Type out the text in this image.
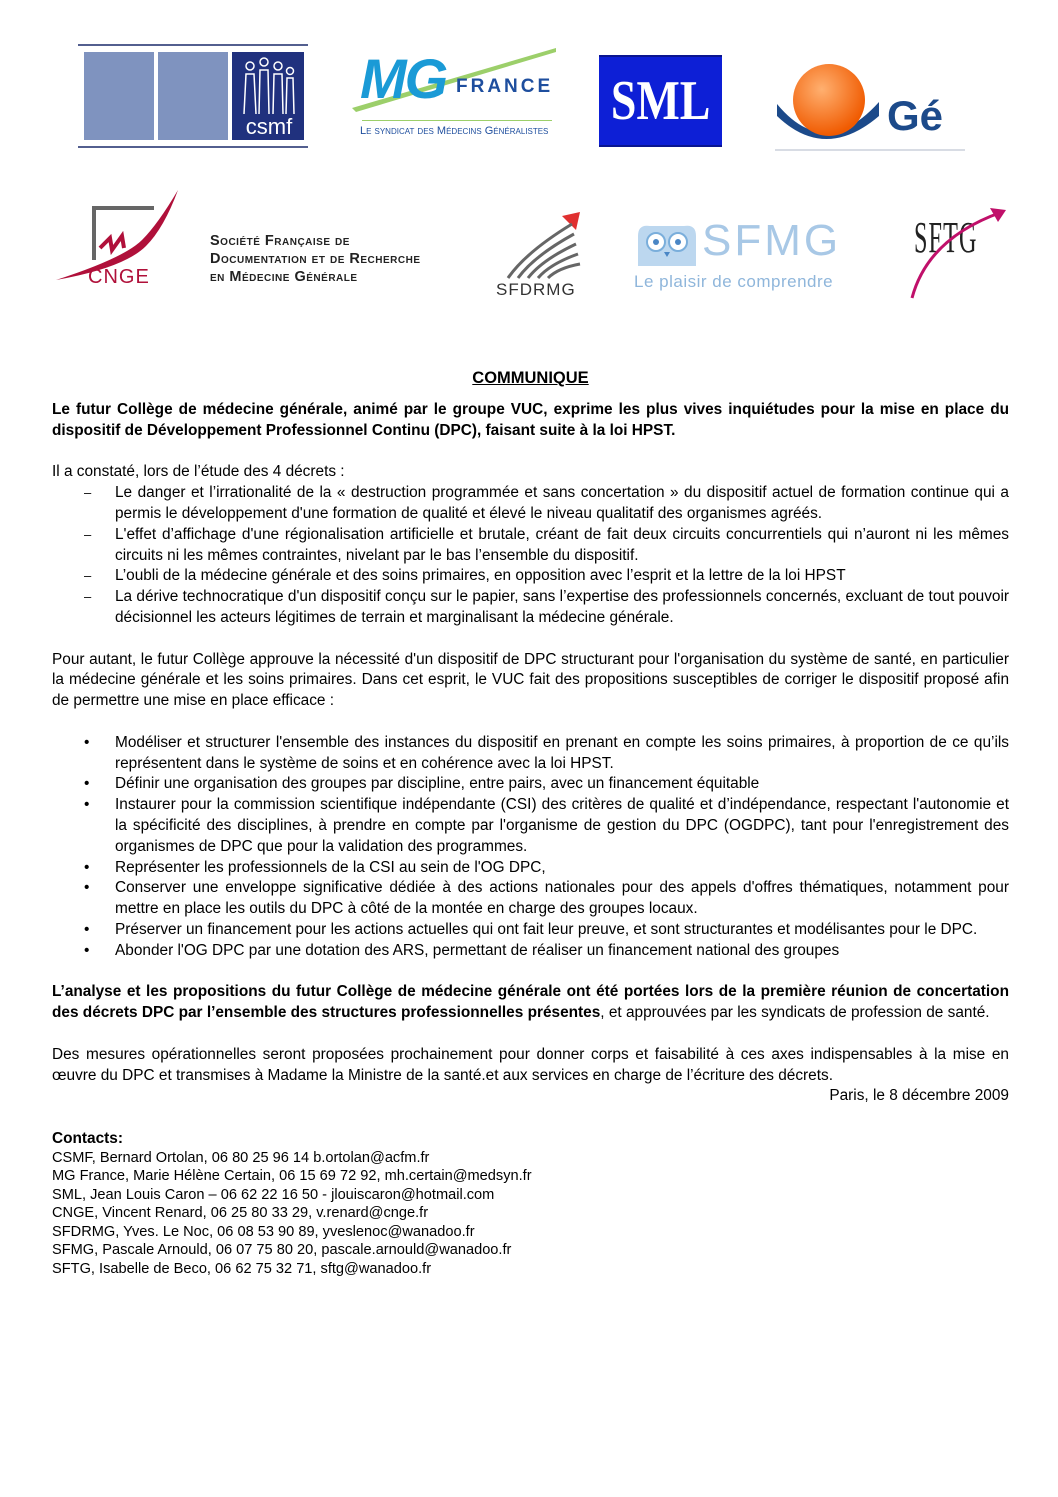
csmf
MG FRANCE
Le syndicat des Médecins Généralistes SML	Gé
CNGE
Société Française de
Documentation et de Recherche
en Médecine Générale
SFDRMG
SFMG
Le plaisir de comprendre
SFTG
COMMUNIQUE

Le futur Collège de médecine générale, animé par le groupe VUC, exprime les plus vives inquiétudes pour la mise en place du dispositif de Développement Professionnel Continu (DPC), faisant suite à la loi HPST.

Il a constaté, lors de l’étude des 4 décrets :

– Le danger et l’irrationalité de la « destruction programmée et sans concertation » du dispositif actuel de formation continue qui a permis le développement d'une formation de qualité et élevé le niveau qualitatif des organismes agréés.
– L'effet d’affichage d'une régionalisation artificielle et brutale, créant de fait deux circuits concurrentiels qui n’auront ni les mêmes circuits ni les mêmes contraintes, nivelant par le bas l’ensemble du dispositif.
– L’oubli de la médecine générale et des soins primaires, en opposition avec l’esprit et la lettre de la loi HPST
– La dérive technocratique d'un dispositif conçu sur le papier, sans l’expertise des professionnels concernés, excluant de tout pouvoir décisionnel les acteurs légitimes de terrain et marginalisant la médecine générale.

Pour autant, le futur Collège approuve la nécessité d'un dispositif de DPC structurant pour l'organisation du système de santé, en particulier la médecine générale et les soins primaires. Dans cet esprit, le VUC fait des propositions susceptibles de corriger le dispositif proposé afin de permettre une mise en place efficace :

• Modéliser et structurer l'ensemble des instances du dispositif en prenant en compte les soins primaires, à proportion de ce qu’ils représentent dans le système de soins et en cohérence avec la loi HPST.
• Définir une organisation des groupes par discipline, entre pairs, avec un financement équitable
• Instaurer pour la commission scientifique indépendante (CSI) des critères de qualité et d’indépendance, respectant l'autonomie et la spécificité des disciplines, à prendre en compte par l'organisme de gestion du DPC (OGDPC), tant pour l'enregistrement des organismes de DPC que pour la validation des programmes.
• Représenter les professionnels de la CSI au sein de l'OG DPC,
• Conserver une enveloppe significative dédiée à des actions nationales pour des appels d'offres thématiques, notamment pour mettre en place les outils du DPC à côté de la montée en charge des groupes locaux.
• Préserver un financement pour les actions actuelles qui ont fait leur preuve, et sont structurantes et modélisantes pour le DPC.
• Abonder l'OG DPC par une dotation des ARS, permettant de réaliser un financement national des groupes

L’analyse et les propositions du futur Collège de médecine générale ont été portées lors de la première réunion de concertation des décrets DPC par l’ensemble des structures professionnelles présentes, et approuvées par les syndicats de profession de santé.

Des mesures opérationnelles seront proposées prochainement pour donner corps et faisabilité à ces axes indispensables à la mise en œuvre du DPC et transmises à Madame la Ministre de la santé.et aux services en charge de l’écriture des décrets.

Paris, le 8 décembre 2009

Contacts:
CSMF, Bernard Ortolan, 06 80 25 96 14 b.ortolan@acfm.fr
MG France, Marie Hélène Certain, 06 15 69 72 92, mh.certain@medsyn.fr
SML, Jean Louis Caron – 06 62 22 16 50 - jlouiscaron@hotmail.com
CNGE, Vincent Renard, 06 25 80 33 29, v.renard@cnge.fr
SFDRMG, Yves. Le Noc, 06 08 53 90 89, yveslenoc@wanadoo.fr
SFMG, Pascale Arnould, 06 07 75 80 20, pascale.arnould@wanadoo.fr
SFTG, Isabelle de Beco, 06 62 75 32 71, sftg@wanadoo.fr
